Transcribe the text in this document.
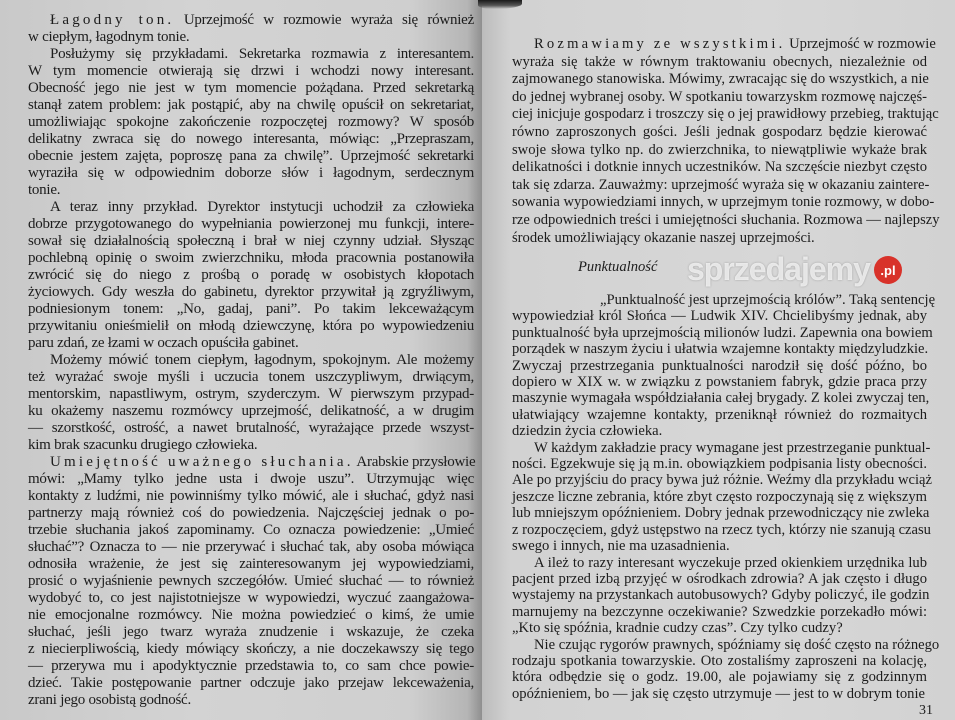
Łagodny ton. Uprzejmość w rozmowie wyraża się również
w ciepłym, łagodnym tonie.
Posłużymy się przykładami. Sekretarka rozmawia z interesantem.
W tym momencie otwierają się drzwi i wchodzi nowy interesant.
Obecność jego nie jest w tym momencie pożądana. Przed sekretarką
stanął zatem problem: jak postąpić, aby na chwilę opuścił on sekretariat,
umożliwiając spokojne zakończenie rozpoczętej rozmowy? W sposób
delikatny zwraca się do nowego interesanta, mówiąc: „Przepraszam,
obecnie jestem zajęta, poproszę pana za chwilę”. Uprzejmość sekretarki
wyraziła się w odpowiednim doborze słów i łagodnym, serdecznym
tonie.
A teraz inny przykład. Dyrektor instytucji uchodził za człowieka
dobrze przygotowanego do wypełniania powierzonej mu funkcji, intere-
sował się działalnością społeczną i brał w niej czynny udział. Słysząc
pochlebną opinię o swoim zwierzchniku, młoda pracownia postanowiła
zwrócić się do niego z prośbą o poradę w osobistych kłopotach
życiowych. Gdy weszła do gabinetu, dyrektor przywitał ją zgryźliwym,
podniesionym tonem: „No, gadaj, pani”. Po takim lekceważącym
przywitaniu onieśmielił on młodą dziewczynę, która po wypowiedzeniu
paru zdań, ze łzami w oczach opuściła gabinet.
Możemy mówić tonem ciepłym, łagodnym, spokojnym. Ale możemy
też wyrażać swoje myśli i uczucia tonem uszczypliwym, drwiącym,
mentorskim, napastliwym, ostrym, szyderczym. W pierwszym przypad-
ku okażemy naszemu rozmówcy uprzejmość, delikatność, a w drugim
— szorstkość, ostrość, a nawet brutalność, wyrażające przede wszyst-
kim brak szacunku drugiego człowieka.
Umiejętność uważnego słuchania. Arabskie przysłowie
mówi: „Mamy tylko jedne usta i dwoje uszu”. Utrzymując więc
kontakty z ludźmi, nie powinniśmy tylko mówić, ale i słuchać, gdyż nasi
partnerzy mają również coś do powiedzenia. Najczęściej jednak o po-
trzebie słuchania jakoś zapominamy. Co oznacza powiedzenie: „Umieć
słuchać”? Oznacza to — nie przerywać i słuchać tak, aby osoba mówiąca
odnosiła wrażenie, że jest się zainteresowanym jej wypowiedziami,
prosić o wyjaśnienie pewnych szczegółów. Umieć słuchać — to również
wydobyć to, co jest najistotniejsze w wypowiedzi, wyczuć zaangażowa-
nie emocjonalne rozmówcy. Nie można powiedzieć o kimś, że umie
słuchać, jeśli jego twarz wyraża znudzenie i wskazuje, że czeka
z niecierpliwością, kiedy mówiący skończy, a nie doczekawszy się tego
— przerywa mu i apodyktycznie przedstawia to, co sam chce powie-
dzieć. Takie postępowanie partner odczuje jako przejaw lekceważenia,
zrani jego osobistą godność.
Rozmawiamy ze wszystkimi. Uprzejmość w rozmowie
wyraża się także w równym traktowaniu obecnych, niezależnie od
zajmowanego stanowiska. Mówimy, zwracając się do wszystkich, a nie
do jednej wybranej osoby. W spotkaniu towarzyskm rozmowę najczęś-
ciej inicjuje gospodarz i troszczy się o jej prawidłowy przebieg, traktując
równo zaproszonych gości. Jeśli jednak gospodarz będzie kierować
swoje słowa tylko np. do zwierzchnika, to niewątpliwie wykaże brak
delikatności i dotknie innych uczestników. Na szczęście niezbyt często
tak się zdarza. Zauważmy: uprzejmość wyraża się w okazaniu zaintere-
sowania wypowiedziami innych, w uprzejmym tonie rozmowy, w dobo-
rze odpowiednich treści i umiejętności słuchania. Rozmowa — najlepszy
środek umożliwiający okazanie naszej uprzejmości.
Punktualność
„Punktualność jest uprzejmością królów”. Taką sentencję
wypowiedział król Słońca — Ludwik XIV. Chcielibyśmy jednak, aby
punktualność była uprzejmością milionów ludzi. Zapewnia ona bowiem
porządek w naszym życiu i ułatwia wzajemne kontakty międzyludzkie.
Zwyczaj przestrzegania punktualności narodził się dość późno, bo
dopiero w XIX w. w związku z powstaniem fabryk, gdzie praca przy
maszynie wymagała współdziałania całej brygady. Z kolei zwyczaj ten,
ułatwiający wzajemne kontakty, przeniknął również do rozmaitych
dziedzin życia człowieka.
W każdym zakładzie pracy wymagane jest przestrzeganie punktual-
ności. Egzekwuje się ją m.in. obowiązkiem podpisania listy obecności.
Ale po przyjściu do pracy bywa już różnie. Weźmy dla przykładu wciąż
jeszcze liczne zebrania, które zbyt często rozpoczynają się z większym
lub mniejszym opóźnieniem. Dobry jednak przewodniczący nie zwleka
z rozpoczęciem, gdyż ustępstwo na rzecz tych, którzy nie szanują czasu
swego i innych, nie ma uzasadnienia.
A ileż to razy interesant wyczekuje przed okienkiem urzędnika lub
pacjent przed izbą przyjęć w ośrodkach zdrowia? A jak często i długo
wystajemy na przystankach autobusowych? Gdyby policzyć, ile godzin
marnujemy na bezczynne oczekiwanie? Szwedzkie porzekadło mówi:
„Kto się spóźnia, kradnie cudzy czas”. Czy tylko cudzy?
Nie czując rygorów prawnych, spóźniamy się dość często na różnego
rodzaju spotkania towarzyskie. Oto zostaliśmy zaproszeni na kolację,
która odbędzie się o godz. 19.00, ale pojawiamy się z godzinnym
opóźnieniem, bo — jak się często utrzymuje — jest to w dobrym tonie
31
sprzedajemy .pl
